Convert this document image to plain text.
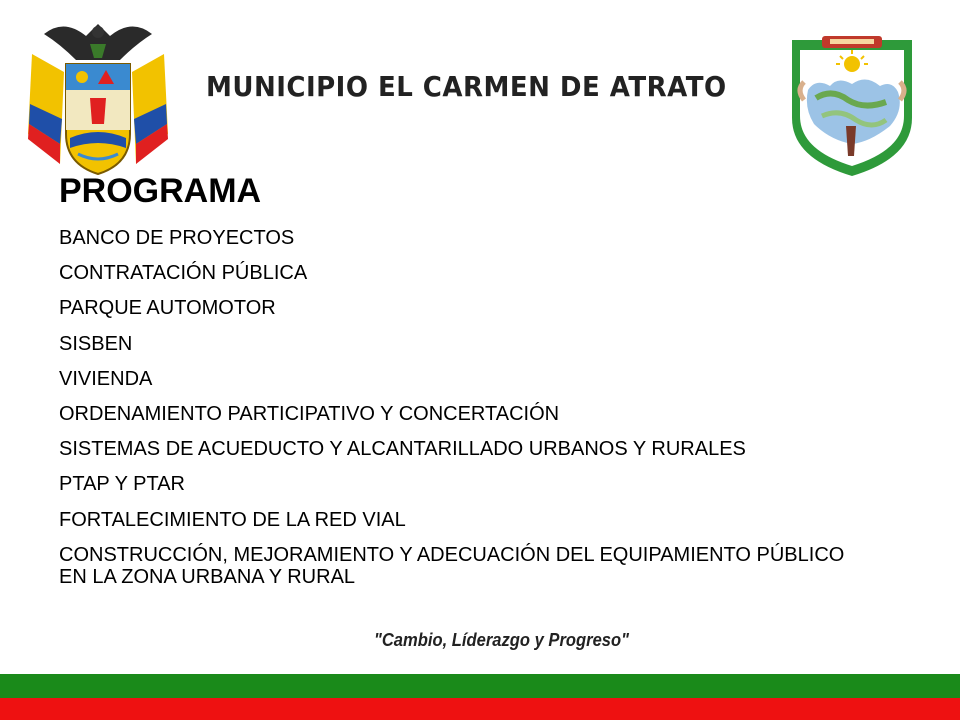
MUNICIPIO EL CARMEN DE ATRATO
PROGRAMA
BANCO DE PROYECTOS
CONTRATACIÓN PÚBLICA
PARQUE AUTOMOTOR
SISBEN
VIVIENDA
ORDENAMIENTO PARTICIPATIVO Y CONCERTACIÓN
SISTEMAS DE ACUEDUCTO Y ALCANTARILLADO URBANOS Y RURALES
PTAP Y PTAR
FORTALECIMIENTO DE LA RED VIAL
CONSTRUCCIÓN, MEJORAMIENTO Y ADECUACIÓN DEL EQUIPAMIENTO PÚBLICO EN LA ZONA URBANA Y RURAL
"Cambio, Líderazgo y Progreso"
